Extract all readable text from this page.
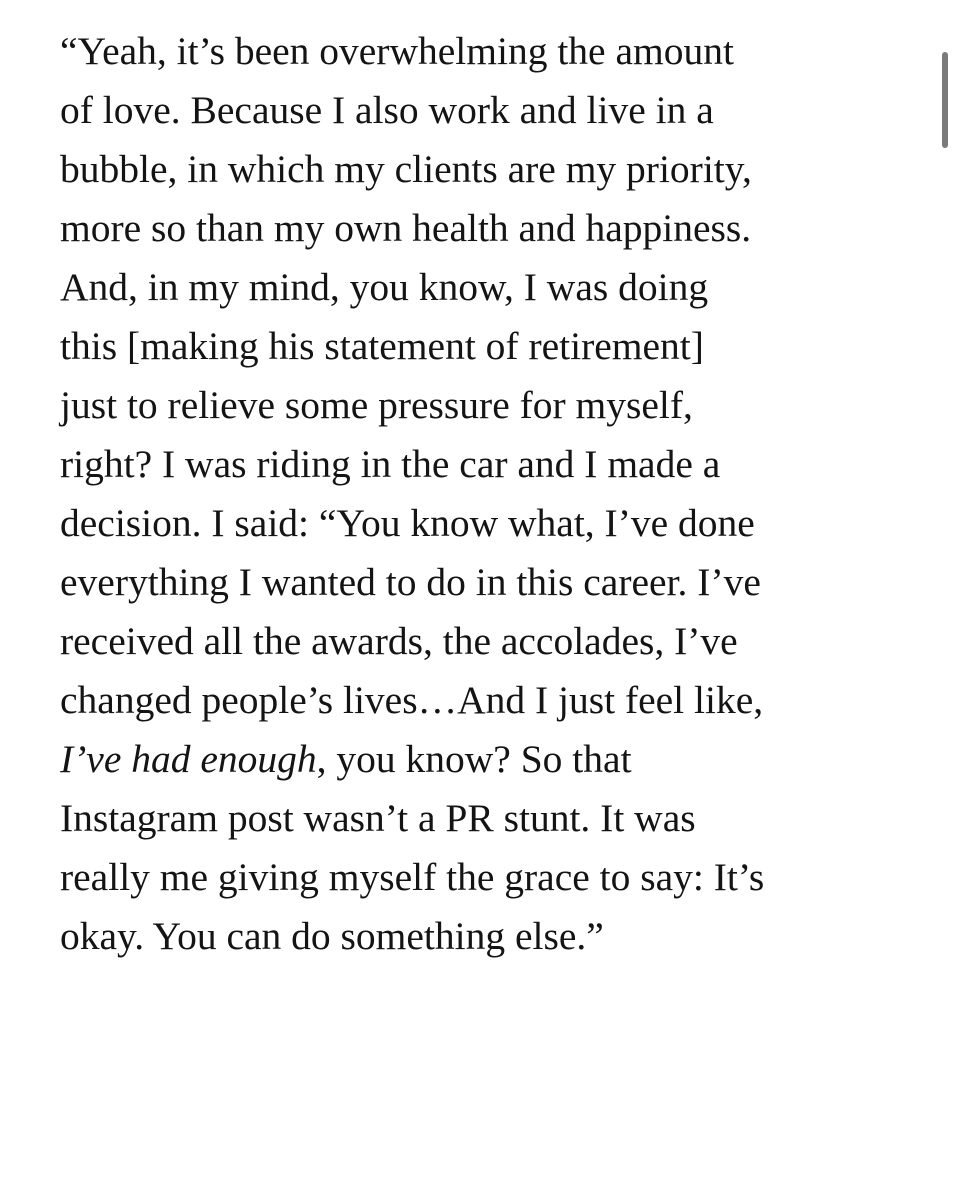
“Yeah, it’s been overwhelming the amount
of love. Because I also work and live in a
bubble, in which my clients are my priority,
more so than my own health and happiness.
And, in my mind, you know, I was doing
this [making his statement of retirement]
just to relieve some pressure for myself,
right? I was riding in the car and I made a
decision. I said: “You know what, I’ve done
everything I wanted to do in this career. I’ve
received all the awards, the accolades, I’ve
changed people’s lives…And I just feel like,
I’ve had enough, you know? So that
Instagram post wasn’t a PR stunt. It was
really me giving myself the grace to say: It’s
okay. You can do something else.”
